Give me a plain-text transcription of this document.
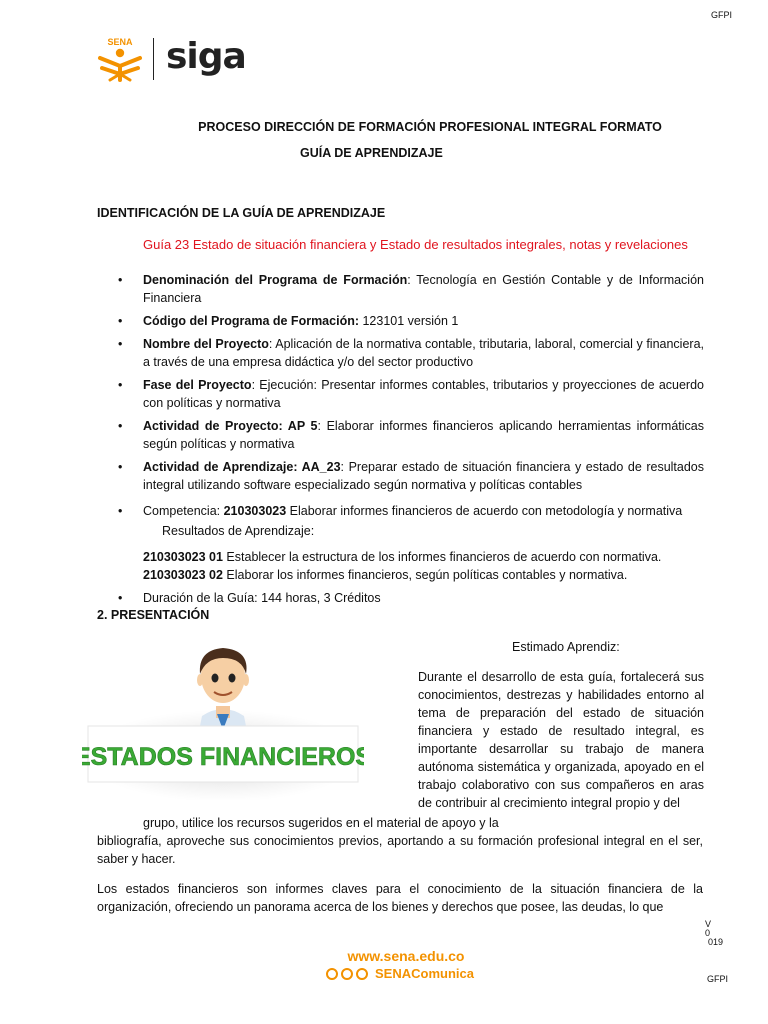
GFPI
SENA siga
PROCESO DIRECCIÓN DE FORMACIÓN PROFESIONAL INTEGRAL FORMATO
GUÍA DE APRENDIZAJE
IDENTIFICACIÓN DE LA GUÍA DE APRENDIZAJE
Guía 23 Estado de situación financiera y Estado de resultados integrales, notas y revelaciones
• Denominación del Programa de Formación: Tecnología en Gestión Contable y de Información Financiera
• Código del Programa de Formación: 123101 versión 1
• Nombre del Proyecto: Aplicación de la normativa contable, tributaria, laboral, comercial y financiera, a través de una empresa didáctica y/o del sector productivo
• Fase del Proyecto: Ejecución: Presentar informes contables, tributarios y proyecciones de acuerdo con políticas y normativa
• Actividad de Proyecto: AP 5: Elaborar informes financieros aplicando herramientas informáticas según políticas y normativa
• Actividad de Aprendizaje: AA_23: Preparar estado de situación financiera y estado de resultados integral utilizando software especializado según normativa y políticas contables
• Competencia: 210303023 Elaborar informes financieros de acuerdo con metodología y normativa
Resultados de Aprendizaje:
210303023 01 Establecer la estructura de los informes financieros de acuerdo con normativa.
210303023 02 Elaborar los informes financieros, según políticas contables y normativa.
• Duración de la Guía: 144 horas, 3 Créditos
2. PRESENTACIÓN
ESTADOS FINANCIEROS
Estimado Aprendiz:
Durante el desarrollo de esta guía, fortalecerá sus conocimientos, destrezas y habilidades entorno al tema de preparación del estado de situación financiera y estado de resultado integral, es importante desarrollar su trabajo de manera autónoma sistemática y organizada, apoyado en el trabajo colaborativo con sus compañeros en aras de contribuir al crecimiento integral propio y del
grupo, utilice los recursos sugeridos en el material de apoyo y la
bibliografía, aproveche sus conocimientos previos, aportando a su formación profesional integral en el ser, saber y hacer.
Los estados financieros son informes claves para el conocimiento de la situación financiera de la organización, ofreciendo un panorama acerca de los bienes y derechos que posee, las deudas, lo que
V
0
019
www.sena.edu.co
SENAComunica	GFPI
